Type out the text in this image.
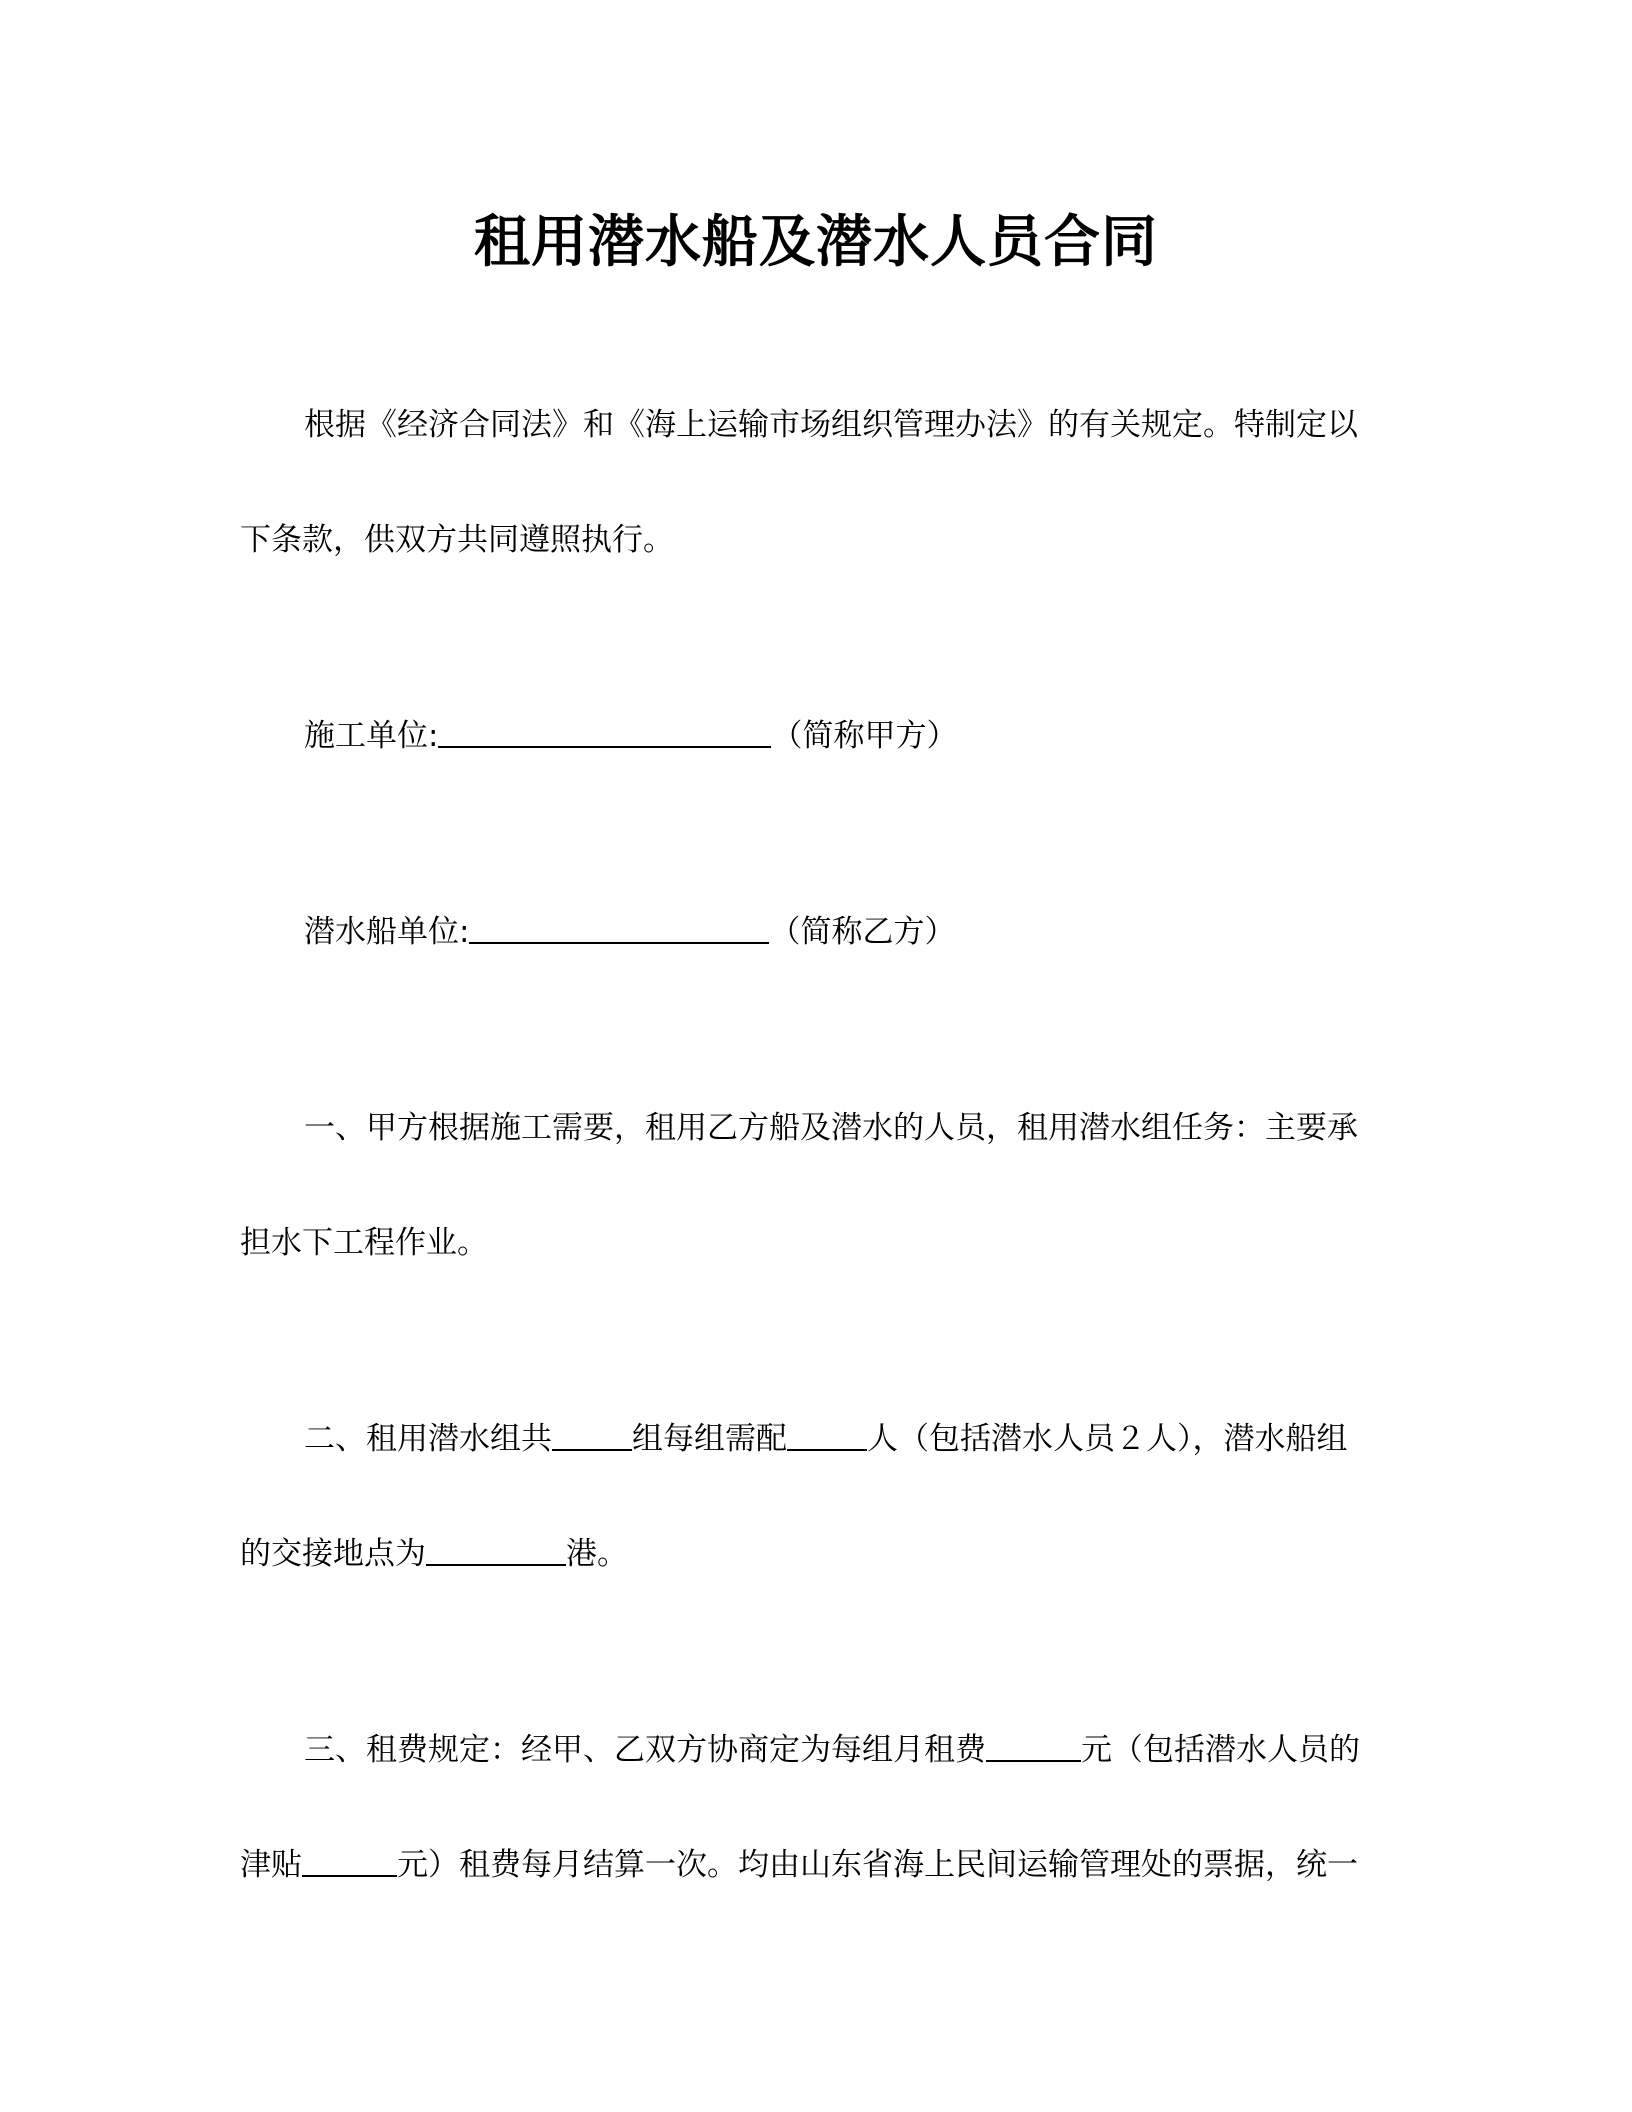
租用潜水船及潜水人员合同
根据《经济合同法》和《海上运输市场组织管理办法》的有关规定。特制定以
下条款，供双方共同遵照执行。
施工单位:	（简称甲方）
潜水船单位:	（简称乙方）
一、甲方根据施工需要，租用乙方船及潜水的人员，租用潜水组任务：主要承
担水下工程作业。
二、租用潜水组共	组每组需配	人（包括潜水人员２人），潜水船组
的交接地点为	港。
三、租费规定：经甲、乙双方协商定为每组月租费	元（包括潜水人员的
津贴	元）租费每月结算一次。均由山东省海上民间运输管理处的票据，统一
